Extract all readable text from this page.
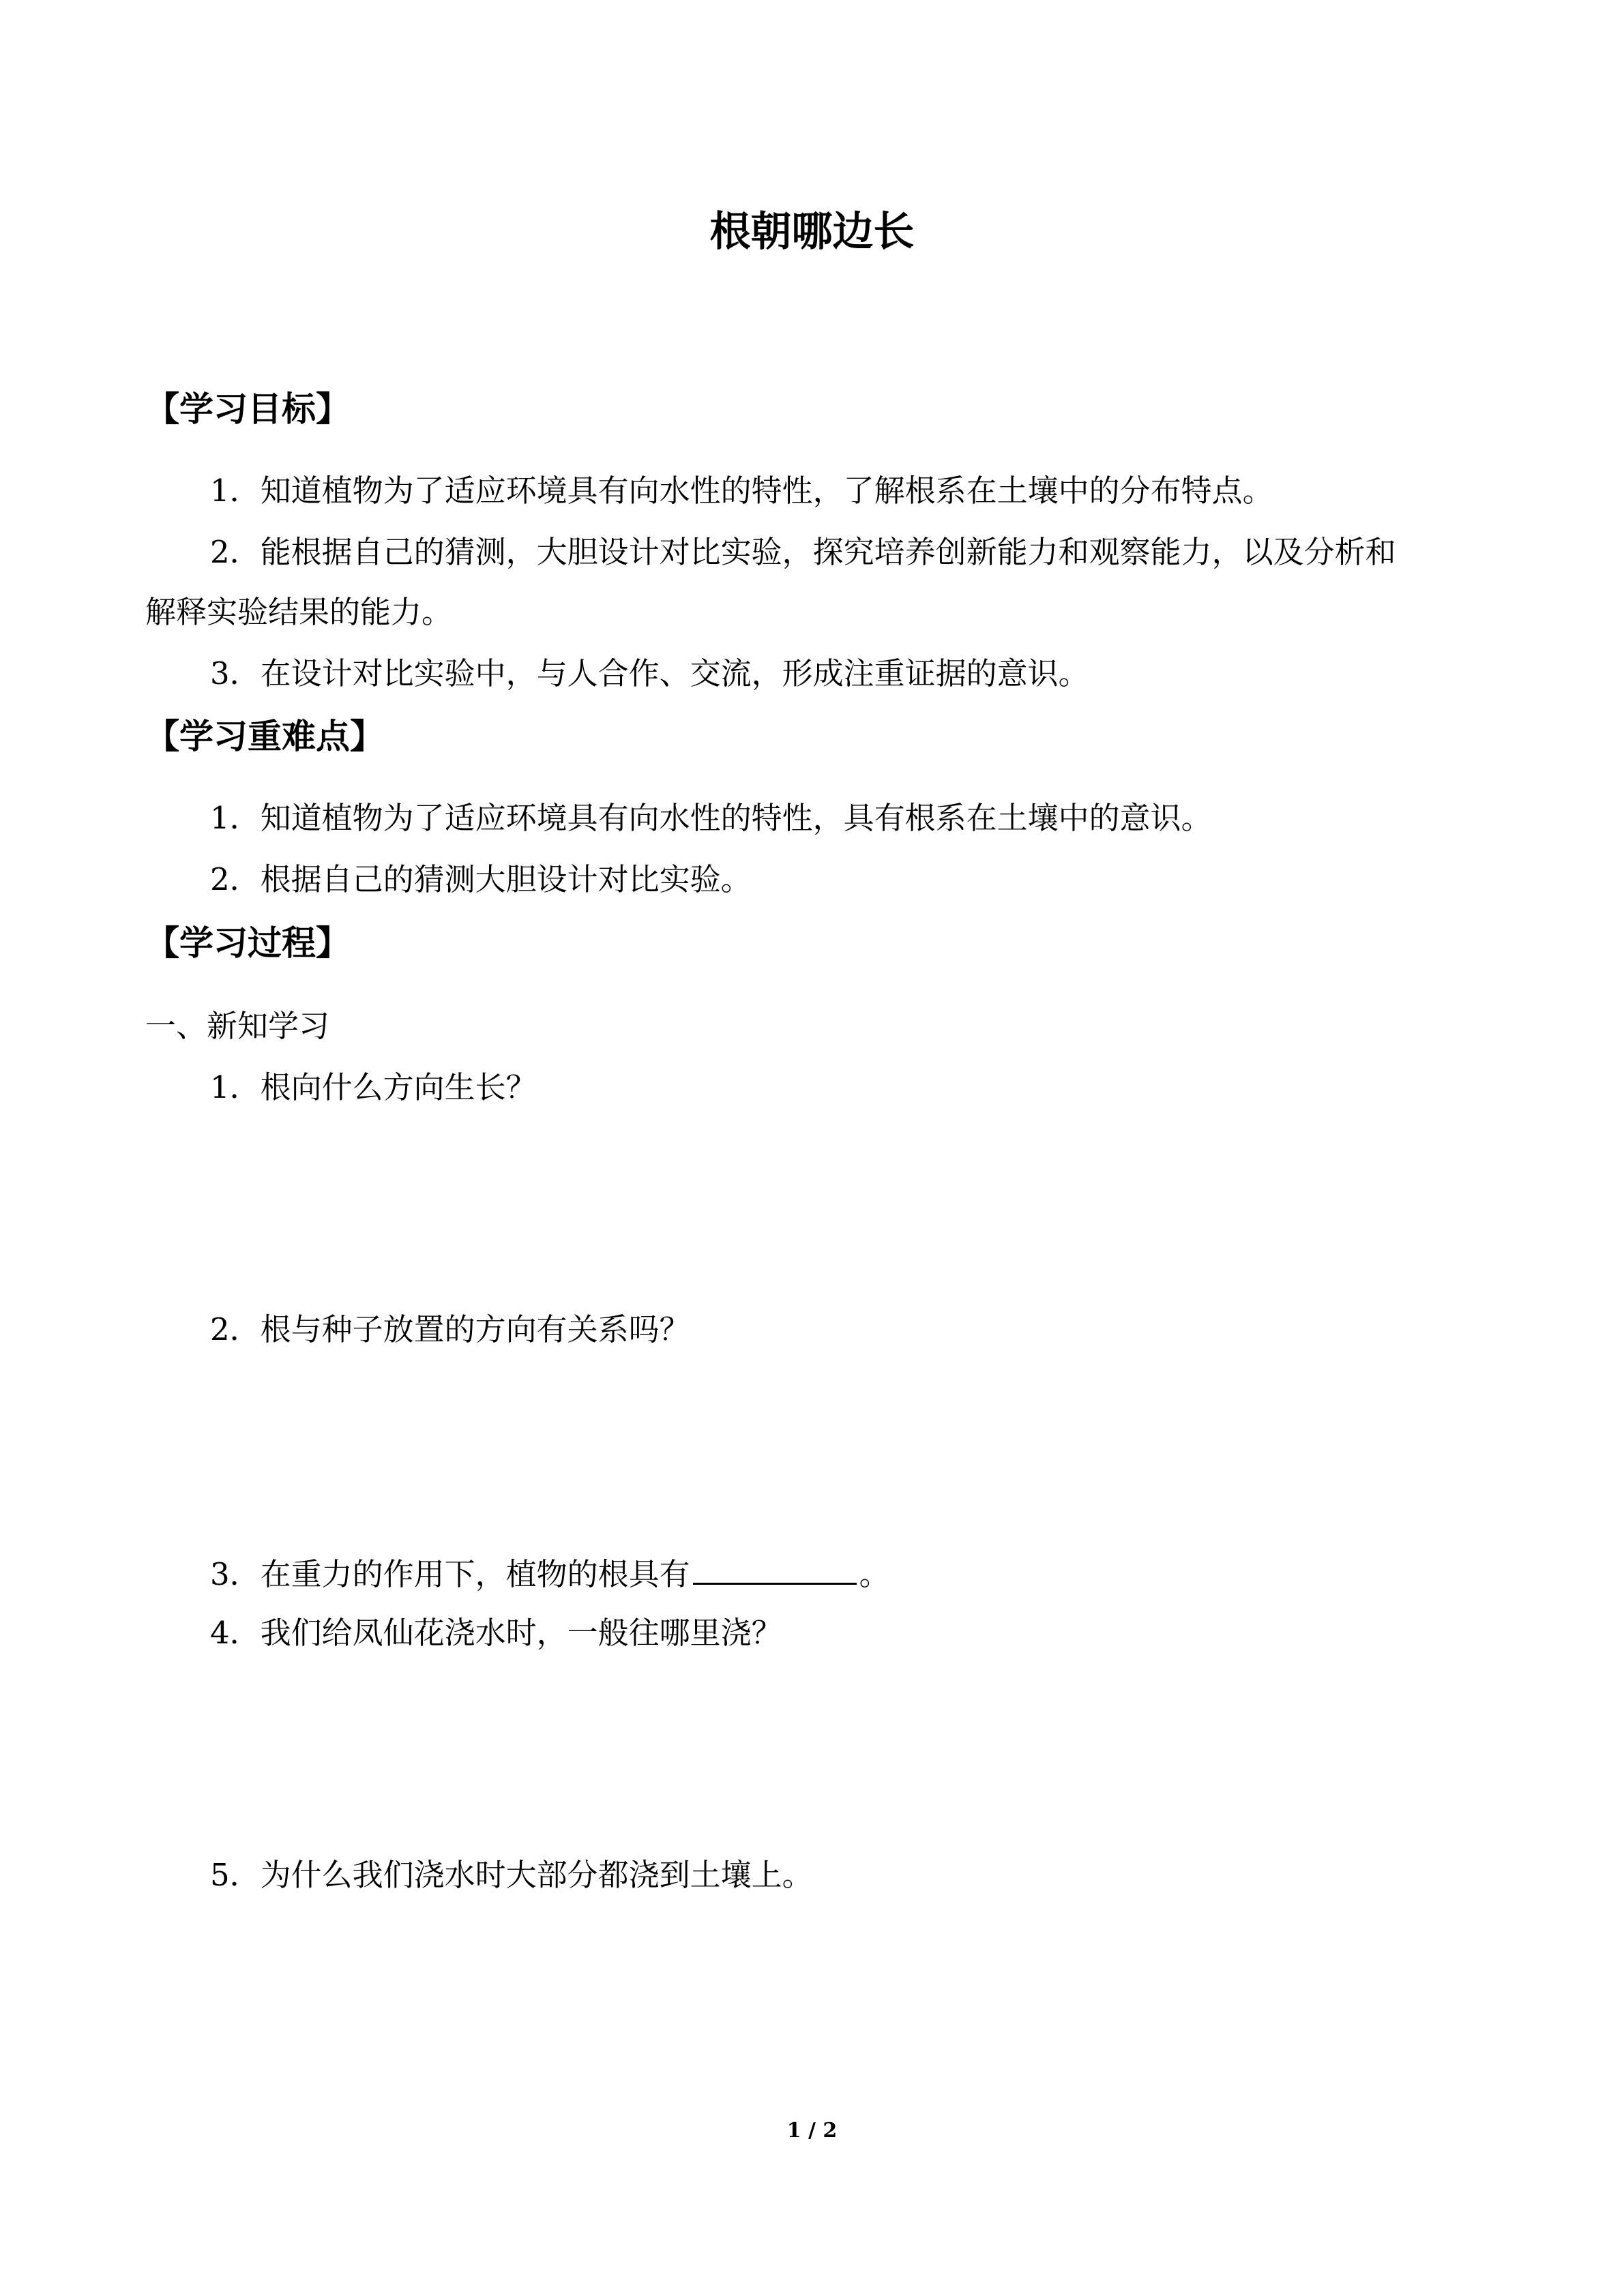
根朝哪边长
【学习目标】
1．知道植物为了适应环境具有向水性的特性，了解根系在土壤中的分布特点。
2．能根据自己的猜测，大胆设计对比实验，探究培养创新能力和观察能力，以及分析和
解释实验结果的能力。
3．在设计对比实验中，与人合作、交流，形成注重证据的意识。
【学习重难点】
1．知道植物为了适应环境具有向水性的特性，具有根系在土壤中的意识。
2．根据自己的猜测大胆设计对比实验。
【学习过程】
一、新知学习
1．根向什么方向生长？
2．根与种子放置的方向有关系吗？
3．在重力的作用下，植物的根具有	。
4．我们给凤仙花浇水时，一般往哪里浇？
5．为什么我们浇水时大部分都浇到土壤上。
1 / 2
